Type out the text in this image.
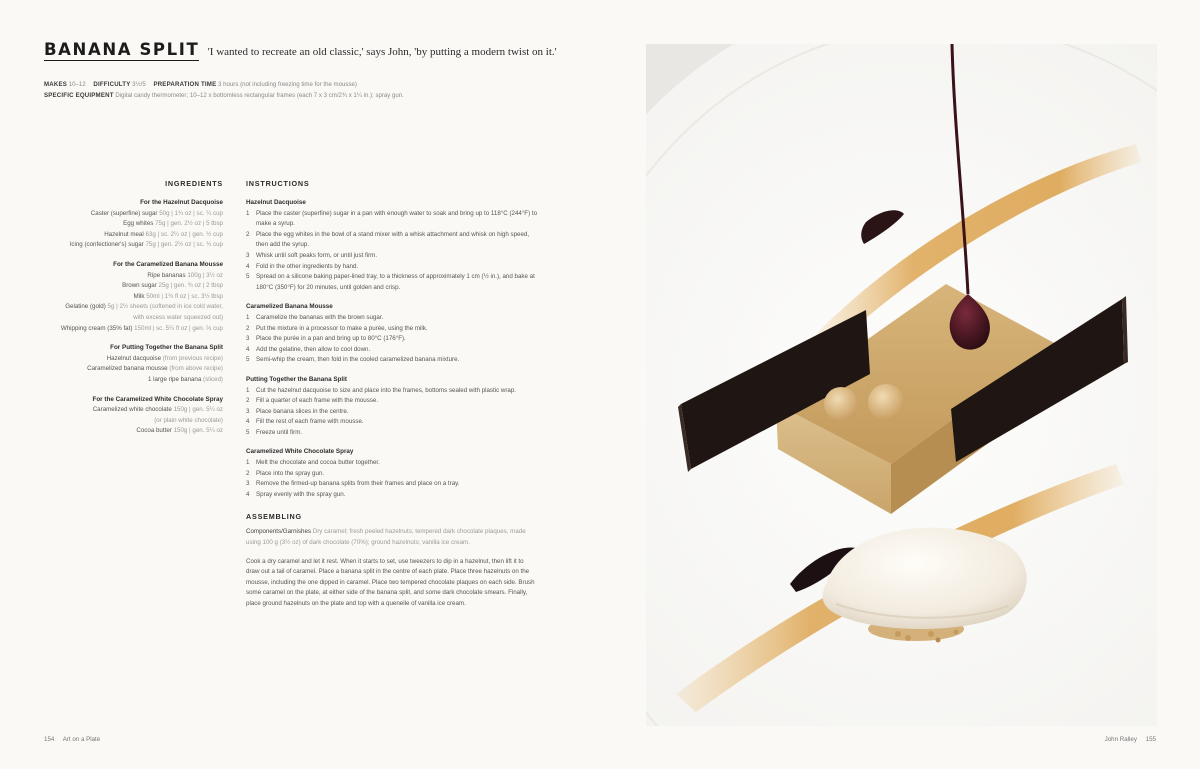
BANANA SPLIT 'I wanted to recreate an old classic,' says John, 'by putting a modern twist on it.'
MAKES 10–12 DIFFICULTY 3½/5 PREPARATION TIME 3 hours (not including freezing time for the mousse)
SPECIFIC EQUIPMENT Digital candy thermometer; 10–12 x bottomless rectangular frames (each 7 x 3 cm/2¾ x 1¼ in.); spray gun.
INGREDIENTS
For the Hazelnut Dacquoise
Caster (superfine) sugar 50g | 1¾ oz | sc. ¼ cup
Egg whites 75g | gen. 2½ oz | 5 tbsp
Hazelnut meal 63g | sc. 2¼ oz | gen. ½ cup
Icing (confectioner's) sugar 75g | gen. 2½ oz | sc. ¾ cup
For the Caramelized Banana Mousse
Ripe bananas 100g | 3½ oz
Brown sugar 25g | gen. ¾ oz | 2 tbsp
Milk 50ml | 1¾ fl oz | sc. 3½ tbsp
Gelatine (gold) 5g | 2½ sheets (softened in ice cold water,
with excess water squeezed out)
Whipping cream (35% fat) 150ml | sc. 5¼ fl oz | gen. ⅔ cup
For Putting Together the Banana Split
Hazelnut dacquoise (from previous recipe)
Caramelized banana mousse (from above recipe)
1 large ripe banana (sliced)
For the Caramelized White Chocolate Spray
Caramelized white chocolate 150g | gen. 5¼ oz
(or plain white chocolate)
Cocoa butter 150g | gen. 5¼ oz
INSTRUCTIONS
Hazelnut Dacquoise
1 Place the caster (superfine) sugar in a pan with enough water to soak and bring up to 118°C (244°F) to make a syrup.
2 Place the egg whites in the bowl of a stand mixer with a whisk attachment and whisk on high speed, then add the syrup.
3 Whisk until soft peaks form, or until just firm.
4 Fold in the other ingredients by hand.
5 Spread on a silicone baking paper-lined tray, to a thickness of approximately 1 cm (½ in.), and bake at 180°C (350°F) for 20 minutes, until golden and crisp.
Caramelized Banana Mousse
1 Caramelize the bananas with the brown sugar.
2 Put the mixture in a processor to make a purée, using the milk.
3 Place the purée in a pan and bring up to 80°C (176°F).
4 Add the gelatine, then allow to cool down.
5 Semi-whip the cream, then fold in the cooled caramelized banana mixture.
Putting Together the Banana Split
1 Cut the hazelnut dacquoise to size and place into the frames, bottoms sealed with plastic wrap.
2 Fill a quarter of each frame with the mousse.
3 Place banana slices in the centre.
4 Fill the rest of each frame with mousse.
5 Freeze until firm.
Caramelized White Chocolate Spray
1 Melt the chocolate and cocoa butter together.
2 Place into the spray gun.
3 Remove the firmed-up banana splits from their frames and place on a tray.
4 Spray evenly with the spray gun.
ASSEMBLING
Components/Garnishes Dry caramel; fresh peeled hazelnuts; tempered dark chocolate plaques, made using 100 g (3½ oz) of dark chocolate (70%); ground hazelnuts; vanilla ice cream.
Cook a dry caramel and let it rest. When it starts to set, use tweezers to dip in a hazelnut, then lift it to draw out a tail of caramel. Place a banana split in the centre of each plate. Place three hazelnuts on the mousse, including the one dipped in caramel. Place two tempered chocolate plaques on each side. Brush some caramel on the plate, at either side of the banana split, and some dark chocolate smears. Finally, place ground hazelnuts on the plate and top with a quenelle of vanilla ice cream.
154 Art on a Plate	John Ralley 155
